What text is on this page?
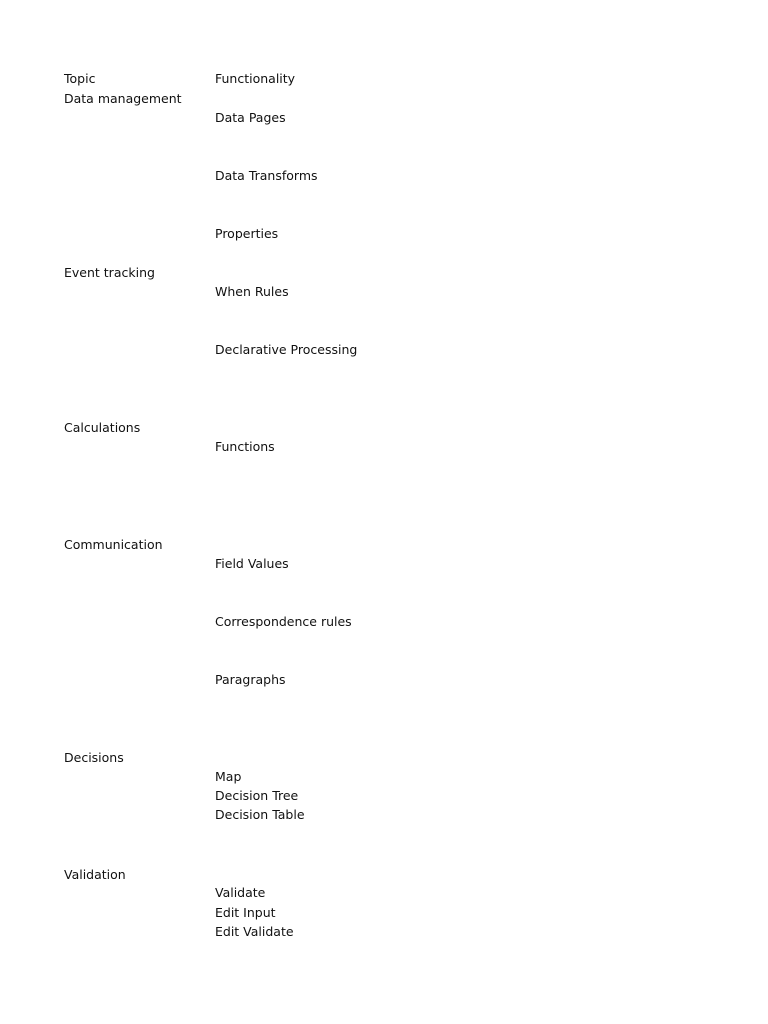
Topic	Functionality
Data management
Data Pages
Data Transforms
Properties
Event tracking
When Rules
Declarative Processing
Calculations
Functions
Communication
Field Values
Correspondence rules
Paragraphs
Decisions
Map
Decision Tree
Decision Table
Validation
Validate
Edit Input
Edit Validate
